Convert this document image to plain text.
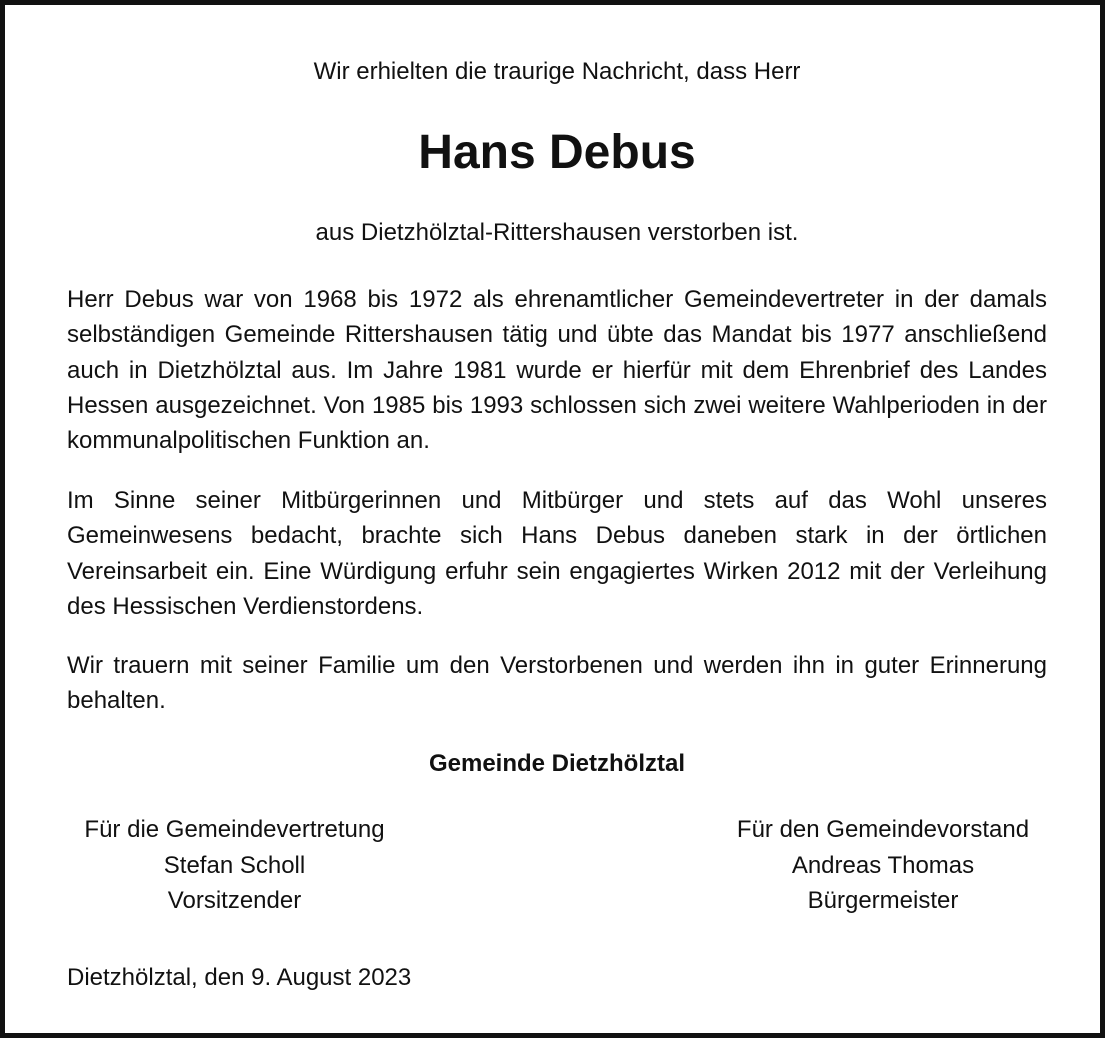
Wir erhielten die traurige Nachricht, dass Herr
Hans Debus
aus Dietzhölztal-Rittershausen verstorben ist.

Herr Debus war von 1968 bis 1972 als ehrenamtlicher Gemeindevertreter in der damals selbständigen Gemeinde Rittershausen tätig und übte das Mandat bis 1977 anschließend auch in Dietzhölztal aus. Im Jahre 1981 wurde er hierfür mit dem Ehrenbrief des Landes Hessen ausgezeichnet. Von 1985 bis 1993 schlossen sich zwei weitere Wahlperioden in der kommunalpolitischen Funktion an.

Im Sinne seiner Mitbürgerinnen und Mitbürger und stets auf das Wohl unseres Gemeinwesens bedacht, brachte sich Hans Debus daneben stark in der örtlichen Vereinsarbeit ein. Eine Würdigung erfuhr sein engagiertes Wirken 2012 mit der Verleihung des Hessischen Verdienstordens.

Wir trauern mit seiner Familie um den Verstorbenen und werden ihn in guter Erinnerung behalten.

Gemeinde Dietzhölztal
Für die Gemeindevertretung
Stefan Scholl
Vorsitzender
Für den Gemeindevorstand
Andreas Thomas
Bürgermeister
Dietzhölztal, den 9. August 2023
